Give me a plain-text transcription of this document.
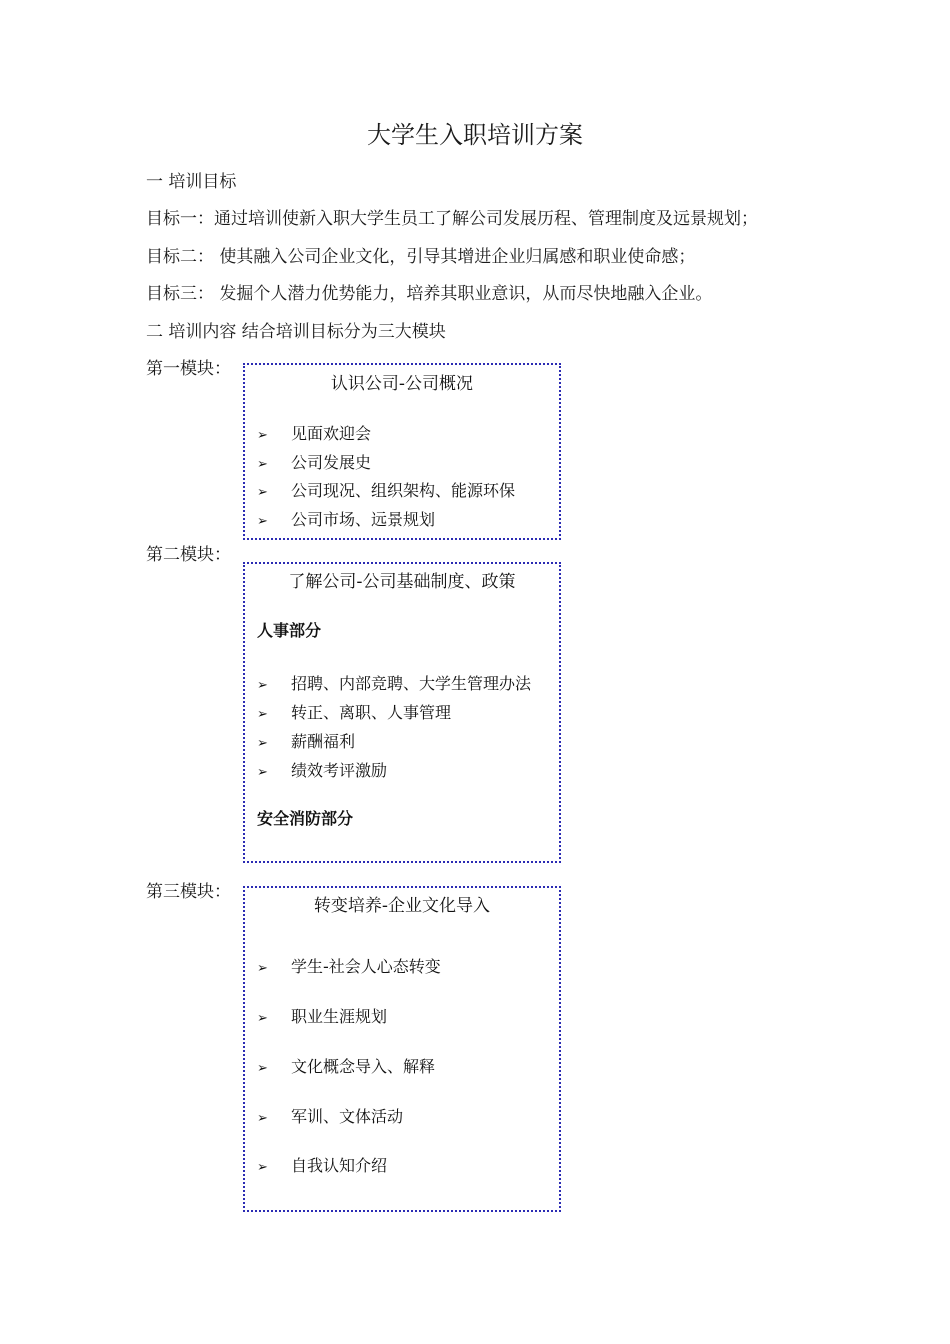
大学生入职培训方案
一 培训目标
目标一：通过培训使新入职大学生员工了解公司发展历程、管理制度及远景规划；
目标二： 使其融入公司企业文化，引导其增进企业归属感和职业使命感；
目标三： 发掘个人潜力优势能力，培养其职业意识，从而尽快地融入企业。
二 培训内容 结合培训目标分为三大模块
第一模块：
认识公司-公司概况
➢ 见面欢迎会
➢ 公司发展史
➢ 公司现况、组织架构、能源环保
➢ 公司市场、远景规划
第二模块：
了解公司-公司基础制度、政策
人事部分
➢ 招聘、内部竞聘、大学生管理办法
➢ 转正、离职、人事管理
➢ 薪酬福利
➢ 绩效考评激励
安全消防部分
第三模块：
转变培养-企业文化导入
➢ 学生-社会人心态转变
➢ 职业生涯规划
➢ 文化概念导入、解释
➢ 军训、文体活动
➢ 自我认知介绍
